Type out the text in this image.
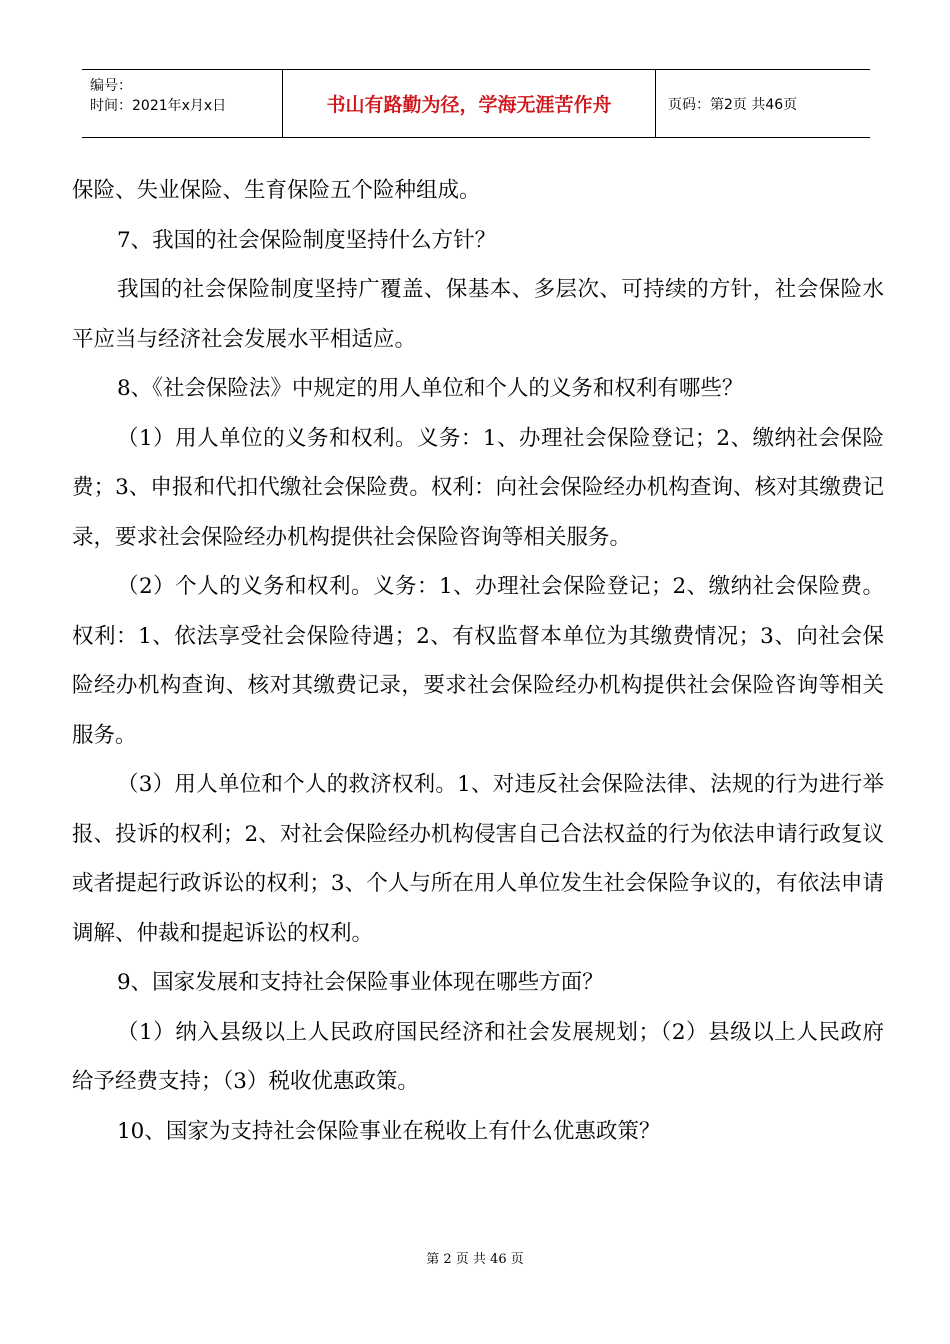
编号：
时间：2021年x月x日	书山有路勤为径，学海无涯苦作舟	页码：第2页 共46页

保险、失业保险、生育保险五个险种组成。

7、我国的社会保险制度坚持什么方针？

我国的社会保险制度坚持广覆盖、保基本、多层次、可持续的方针，社会保险水平应当与经济社会发展水平相适应。

8、《社会保险法》中规定的用人单位和个人的义务和权利有哪些？

（1）用人单位的义务和权利。义务：1、办理社会保险登记；2、缴纳社会保险费；3、申报和代扣代缴社会保险费。权利：向社会保险经办机构查询、核对其缴费记录，要求社会保险经办机构提供社会保险咨询等相关服务。

（2）个人的义务和权利。义务：1、办理社会保险登记；2、缴纳社会保险费。权利：1、依法享受社会保险待遇；2、有权监督本单位为其缴费情况；3、向社会保险经办机构查询、核对其缴费记录，要求社会保险经办机构提供社会保险咨询等相关服务。

（3）用人单位和个人的救济权利。1、对违反社会保险法律、法规的行为进行举报、投诉的权利；2、对社会保险经办机构侵害自己合法权益的行为依法申请行政复议或者提起行政诉讼的权利；3、个人与所在用人单位发生社会保险争议的，有依法申请调解、仲裁和提起诉讼的权利。

9、国家发展和支持社会保险事业体现在哪些方面？

（1）纳入县级以上人民政府国民经济和社会发展规划；（2）县级以上人民政府给予经费支持；（3）税收优惠政策。

10、国家为支持社会保险事业在税收上有什么优惠政策？

第 2 页 共 46 页
